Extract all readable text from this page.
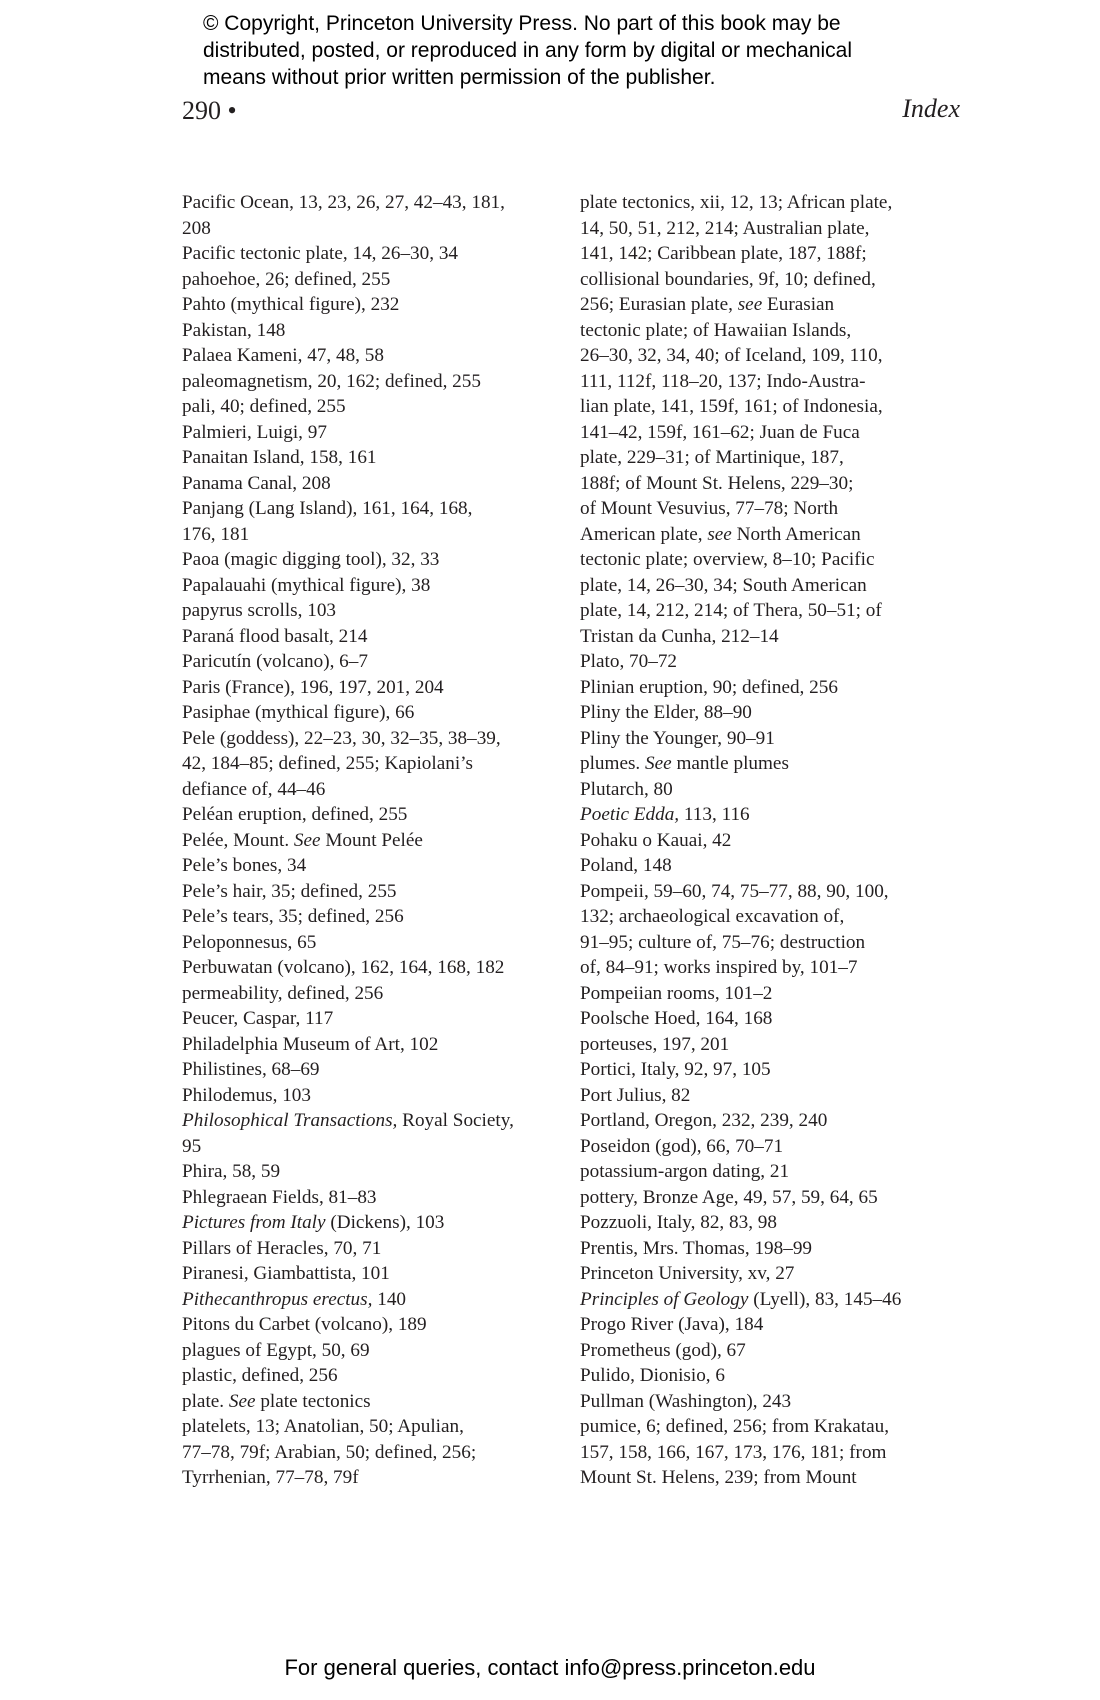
© Copyright, Princeton University Press. No part of this book may be
distributed, posted, or reproduced in any form by digital or mechanical
means without prior written permission of the publisher.
290 •	Index
Pacific Ocean, 13, 23, 26, 27, 42–43, 181,
208
Pacific tectonic plate, 14, 26–30, 34
pahoehoe, 26; defined, 255
Pahto (mythical figure), 232
Pakistan, 148
Palaea Kameni, 47, 48, 58
paleomagnetism, 20, 162; defined, 255
pali, 40; defined, 255
Palmieri, Luigi, 97
Panaitan Island, 158, 161
Panama Canal, 208
Panjang (Lang Island), 161, 164, 168,
176, 181
Paoa (magic digging tool), 32, 33
Papalauahi (mythical figure), 38
papyrus scrolls, 103
Paraná flood basalt, 214
Paricutín (volcano), 6–7
Paris (France), 196, 197, 201, 204
Pasiphae (mythical figure), 66
Pele (goddess), 22–23, 30, 32–35, 38–39,
42, 184–85; defined, 255; Kapiolani’s
defiance of, 44–46
Peléan eruption, defined, 255
Pelée, Mount. See Mount Pelée
Pele’s bones, 34
Pele’s hair, 35; defined, 255
Pele’s tears, 35; defined, 256
Peloponnesus, 65
Perbuwatan (volcano), 162, 164, 168, 182
permeability, defined, 256
Peucer, Caspar, 117
Philadelphia Museum of Art, 102
Philistines, 68–69
Philodemus, 103
Philosophical Transactions, Royal Society,
95
Phira, 58, 59
Phlegraean Fields, 81–83
Pictures from Italy (Dickens), 103
Pillars of Heracles, 70, 71
Piranesi, Giambattista, 101
Pithecanthropus erectus, 140
Pitons du Carbet (volcano), 189
plagues of Egypt, 50, 69
plastic, defined, 256
plate. See plate tectonics
platelets, 13; Anatolian, 50; Apulian,
77–78, 79f; Arabian, 50; defined, 256;
Tyrrhenian, 77–78, 79f
plate tectonics, xii, 12, 13; African plate,
14, 50, 51, 212, 214; Australian plate,
141, 142; Caribbean plate, 187, 188f;
collisional boundaries, 9f, 10; defined,
256; Eurasian plate, see Eurasian
tectonic plate; of Hawaiian Islands,
26–30, 32, 34, 40; of Iceland, 109, 110,
111, 112f, 118–20, 137; Indo-Austra-
lian plate, 141, 159f, 161; of Indonesia,
141–42, 159f, 161–62; Juan de Fuca
plate, 229–31; of Martinique, 187,
188f; of Mount St. Helens, 229–30;
of Mount Vesuvius, 77–78; North
American plate, see North American
tectonic plate; overview, 8–10; Pacific
plate, 14, 26–30, 34; South American
plate, 14, 212, 214; of Thera, 50–51; of
Tristan da Cunha, 212–14
Plato, 70–72
Plinian eruption, 90; defined, 256
Pliny the Elder, 88–90
Pliny the Younger, 90–91
plumes. See mantle plumes
Plutarch, 80
Poetic Edda, 113, 116
Pohaku o Kauai, 42
Poland, 148
Pompeii, 59–60, 74, 75–77, 88, 90, 100,
132; archaeological excavation of,
91–95; culture of, 75–76; destruction
of, 84–91; works inspired by, 101–7
Pompeiian rooms, 101–2
Poolsche Hoed, 164, 168
porteuses, 197, 201
Portici, Italy, 92, 97, 105
Port Julius, 82
Portland, Oregon, 232, 239, 240
Poseidon (god), 66, 70–71
potassium-argon dating, 21
pottery, Bronze Age, 49, 57, 59, 64, 65
Pozzuoli, Italy, 82, 83, 98
Prentis, Mrs. Thomas, 198–99
Princeton University, xv, 27
Principles of Geology (Lyell), 83, 145–46
Progo River (Java), 184
Prometheus (god), 67
Pulido, Dionisio, 6
Pullman (Washington), 243
pumice, 6; defined, 256; from Krakatau,
157, 158, 166, 167, 173, 176, 181; from
Mount St. Helens, 239; from Mount
For general queries, contact info@press.princeton.edu
